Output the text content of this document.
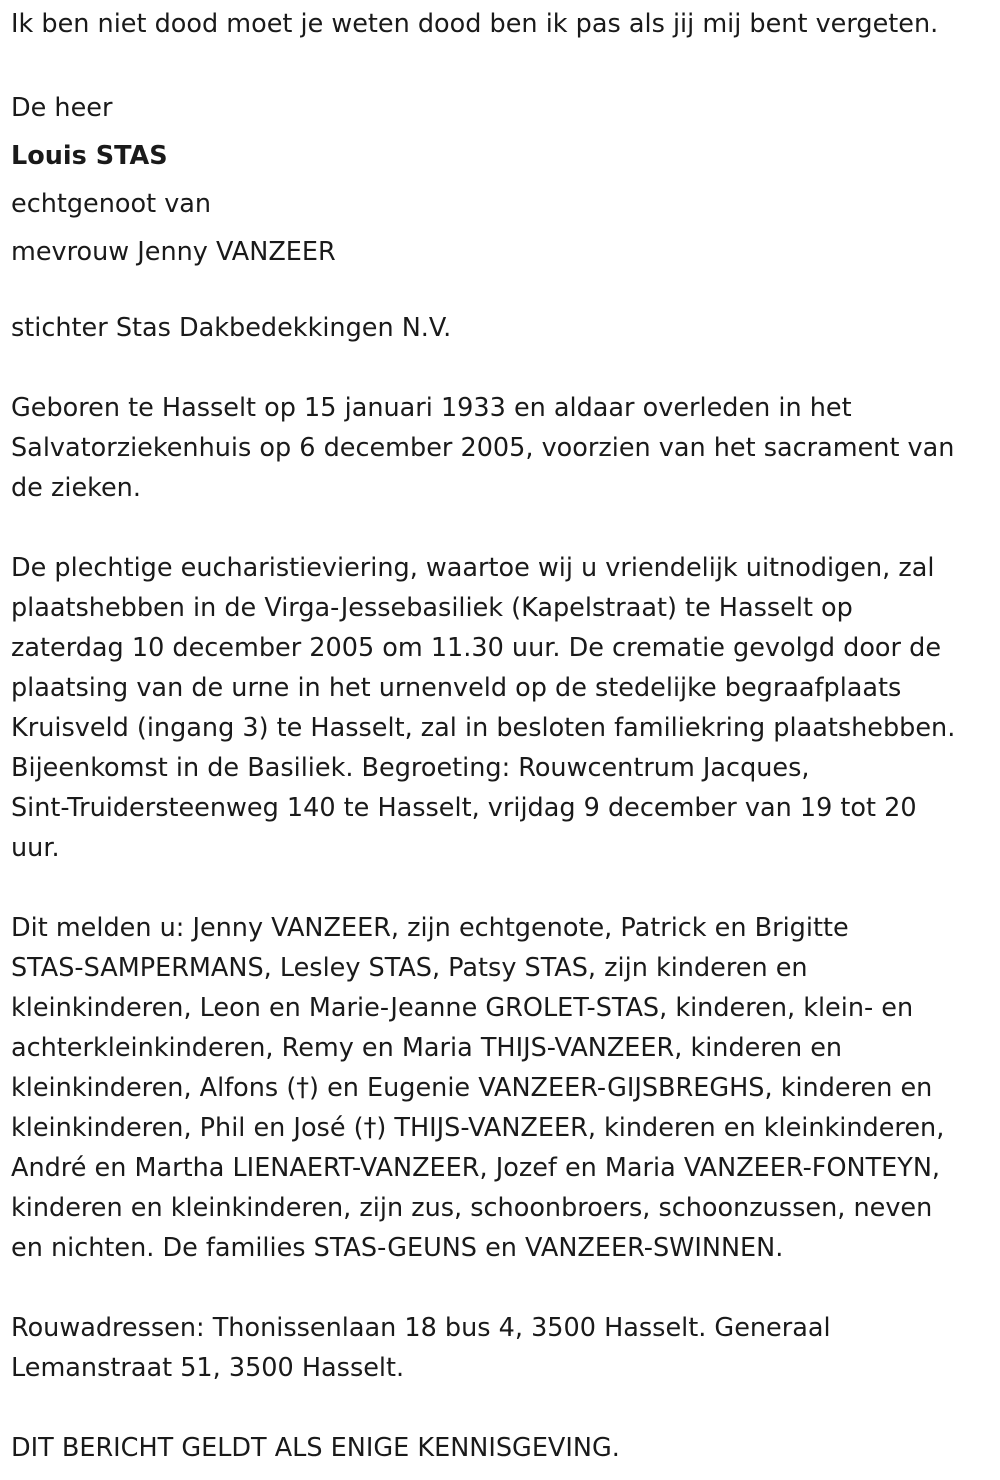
Ik ben niet dood moet je weten dood ben ik pas als jij mij bent vergeten.
De heer
Louis STAS
echtgenoot van
mevrouw Jenny VANZEER
stichter Stas Dakbedekkingen N.V.
Geboren te Hasselt op 15 januari 1933 en aldaar overleden in het
Salvatorziekenhuis op 6 december 2005, voorzien van het sacrament van
de zieken.
De plechtige eucharistieviering, waartoe wij u vriendelijk uitnodigen, zal
plaatshebben in de Virga-Jessebasiliek (Kapelstraat) te Hasselt op
zaterdag 10 december 2005 om 11.30 uur. De crematie gevolgd door de
plaatsing van de urne in het urnenveld op de stedelijke begraafplaats
Kruisveld (ingang 3) te Hasselt, zal in besloten familiekring plaatshebben.
Bijeenkomst in de Basiliek. Begroeting: Rouwcentrum Jacques,
Sint-Truidersteenweg 140 te Hasselt, vrijdag 9 december van 19 tot 20
uur.
Dit melden u: Jenny VANZEER, zijn echtgenote, Patrick en Brigitte
STAS-SAMPERMANS, Lesley STAS, Patsy STAS, zijn kinderen en
kleinkinderen, Leon en Marie-Jeanne GROLET-STAS, kinderen, klein- en
achterkleinkinderen, Remy en Maria THIJS-VANZEER, kinderen en
kleinkinderen, Alfons (†) en Eugenie VANZEER-GIJSBREGHS, kinderen en
kleinkinderen, Phil en José (†) THIJS-VANZEER, kinderen en kleinkinderen,
André en Martha LIENAERT-VANZEER, Jozef en Maria VANZEER-FONTEYN,
kinderen en kleinkinderen, zijn zus, schoonbroers, schoonzussen, neven
en nichten. De families STAS-GEUNS en VANZEER-SWINNEN.
Rouwadressen: Thonissenlaan 18 bus 4, 3500 Hasselt. Generaal
Lemanstraat 51, 3500 Hasselt.
DIT BERICHT GELDT ALS ENIGE KENNISGEVING.
